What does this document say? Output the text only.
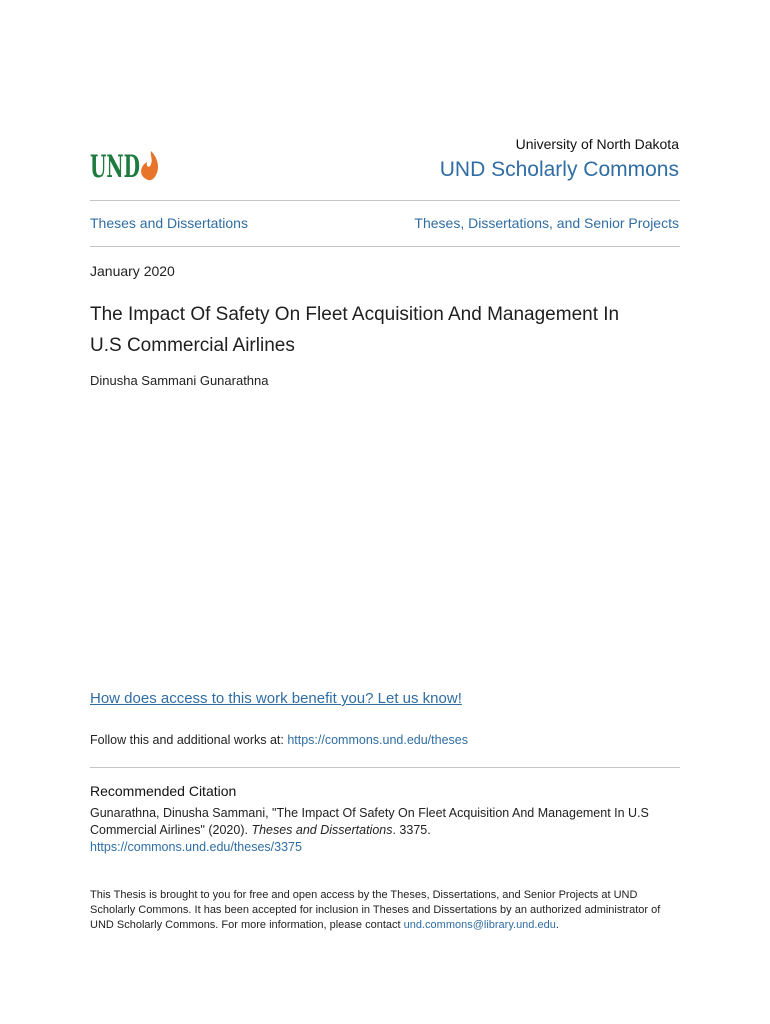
UND
University of North Dakota
UND Scholarly Commons
Theses and Dissertations	Theses, Dissertations, and Senior Projects
January 2020
The Impact Of Safety On Fleet Acquisition And Management In
U.S Commercial Airlines
Dinusha Sammani Gunarathna
How does access to this work benefit you? Let us know!
Follow this and additional works at: https://commons.und.edu/theses
Recommended Citation
Gunarathna, Dinusha Sammani, "The Impact Of Safety On Fleet Acquisition And Management In U.S
Commercial Airlines" (2020). Theses and Dissertations. 3375.
https://commons.und.edu/theses/3375
This Thesis is brought to you for free and open access by the Theses, Dissertations, and Senior Projects at UND Scholarly Commons. It has been accepted for inclusion in Theses and Dissertations by an authorized administrator of UND Scholarly Commons. For more information, please contact und.commons@library.und.edu.
